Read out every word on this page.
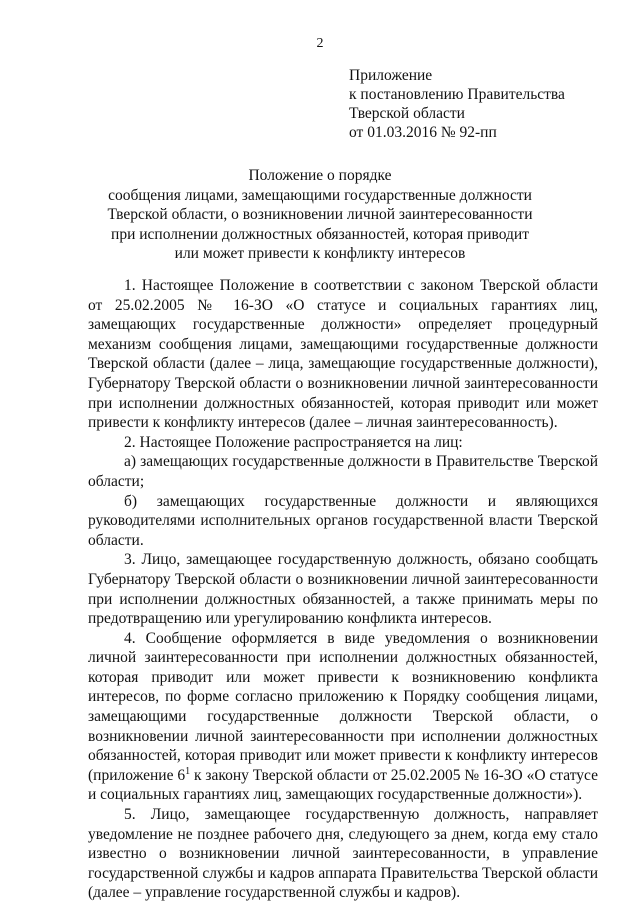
2
Приложение
к постановлению Правительства
Тверской области
от 01.03.2016 № 92-пп
Положение о порядке
сообщения лицами, замещающими государственные должности
Тверской области, о возникновении личной заинтересованности
при исполнении должностных обязанностей, которая приводит
или может привести к конфликту интересов

1. Настоящее Положение в соответствии с законом Тверской области от 25.02.2005 № 16-ЗО «О статусе и социальных гарантиях лиц, замещающих государственные должности» определяет процедурный механизм сообщения лицами, замещающими государственные должности Тверской области (далее – лица, замещающие государственные должности), Губернатору Тверской области о возникновении личной заинтересованности при исполнении должностных обязанностей, которая приводит или может привести к конфликту интересов (далее – личная заинтересованность).

2. Настоящее Положение распространяется на лиц:

а) замещающих государственные должности в Правительстве Тверской области;

б) замещающих государственные должности и являющихся руководителями исполнительных органов государственной власти Тверской области.

3. Лицо, замещающее государственную должность, обязано сообщать Губернатору Тверской области о возникновении личной заинтересованности при исполнении должностных обязанностей, а также принимать меры по предотвращению или урегулированию конфликта интересов.

4. Сообщение оформляется в виде уведомления о возникновении личной заинтересованности при исполнении должностных обязанностей, которая приводит или может привести к возникновению конфликта интересов, по форме согласно приложению к Порядку сообщения лицами, замещающими государственные должности Тверской области, о возникновении личной заинтересованности при исполнении должностных обязанностей, которая приводит или может привести к конфликту интересов (приложение $6^1$ к закону Тверской области от 25.02.2005 № 16-ЗО «О статусе и социальных гарантиях лиц, замещающих государственные должности»).

5. Лицо, замещающее государственную должность, направляет уведомление не позднее рабочего дня, следующего за днем, когда ему стало известно о возникновении личной заинтересованности, в управление государственной службы и кадров аппарата Правительства Тверской области (далее – управление государственной службы и кадров).
